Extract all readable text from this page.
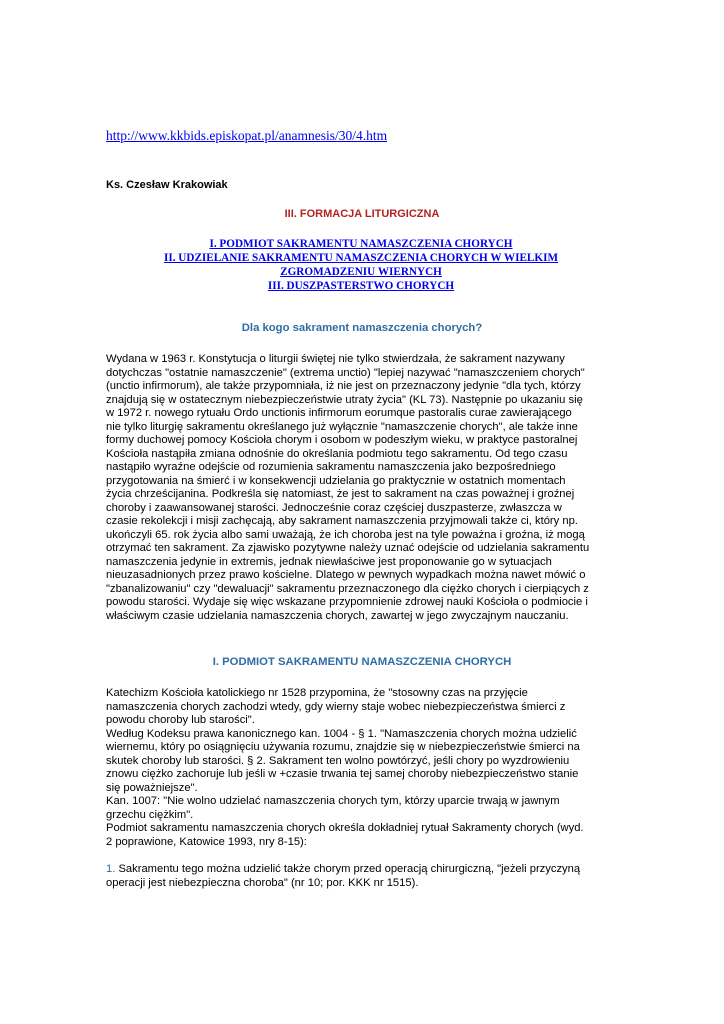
http://www.kkbids.episkopat.pl/anamnesis/30/4.htm
Ks. Czesław Krakowiak
III. FORMACJA LITURGICZNA
I. PODMIOT SAKRAMENTU NAMASZCZENIA CHORYCH
II. UDZIELANIE SAKRAMENTU NAMASZCZENIA CHORYCH W WIELKIM
ZGROMADZENIU WIERNYCH
III. DUSZPASTERSTWO CHORYCH
Dla kogo sakrament namaszczenia chorych?
Wydana w 1963 r. Konstytucja o liturgii świętej nie tylko stwierdzała, że sakrament nazywany
dotychczas "ostatnie namaszczenie" (extrema unctio) "lepiej nazywać "namaszczeniem chorych"
(unctio infirmorum), ale także przypomniała, iż nie jest on przeznaczony jedynie "dla tych, którzy
znajdują się w ostatecznym niebezpieczeństwie utraty życia" (KL 73). Następnie po ukazaniu się
w 1972 r. nowego rytuału Ordo unctionis infirmorum eorumque pastoralis curae zawierającego
nie tylko liturgię sakramentu określanego już wyłącznie "namaszczenie chorych", ale także inne
formy duchowej pomocy Kościoła chorym i osobom w podeszłym wieku, w praktyce pastoralnej
Kościoła nastąpiła zmiana odnośnie do określania podmiotu tego sakramentu. Od tego czasu
nastąpiło wyraźne odejście od rozumienia sakramentu namaszczenia jako bezpośredniego
przygotowania na śmierć i w konsekwencji udzielania go praktycznie w ostatnich momentach
życia chrześcijanina. Podkreśla się natomiast, że jest to sakrament na czas poważnej i groźnej
choroby i zaawansowanej starości. Jednocześnie coraz częściej duszpasterze, zwłaszcza w
czasie rekolekcji i misji zachęcają, aby sakrament namaszczenia przyjmowali także ci, który np.
ukończyli 65. rok życia albo sami uważają, że ich choroba jest na tyle poważna i groźna, iż mogą
otrzymać ten sakrament. Za zjawisko pozytywne należy uznać odejście od udzielania sakramentu
namaszczenia jedynie in extremis, jednak niewłaściwe jest proponowanie go w sytuacjach
nieuzasadnionych przez prawo kościelne. Dlatego w pewnych wypadkach można nawet mówić o
"zbanalizowaniu" czy "dewaluacji" sakramentu przeznaczonego dla ciężko chorych i cierpiących z
powodu starości. Wydaje się więc wskazane przypomnienie zdrowej nauki Kościoła o podmiocie i
właściwym czasie udzielania namaszczenia chorych, zawartej w jego zwyczajnym nauczaniu.
I. PODMIOT SAKRAMENTU NAMASZCZENIA CHORYCH
Katechizm Kościoła katolickiego nr 1528 przypomina, że "stosowny czas na przyjęcie
namaszczenia chorych zachodzi wtedy, gdy wierny staje wobec niebezpieczeństwa śmierci z
powodu choroby lub starości".
Według Kodeksu prawa kanonicznego kan. 1004 - § 1. "Namaszczenia chorych można udzielić
wiernemu, który po osiągnięciu używania rozumu, znajdzie się w niebezpieczeństwie śmierci na
skutek choroby lub starości. § 2. Sakrament ten wolno powtórzyć, jeśli chory po wyzdrowieniu
znowu ciężko zachoruje lub jeśli w +czasie trwania tej samej choroby niebezpieczeństwo stanie
się poważniejsze".
Kan. 1007: "Nie wolno udzielać namaszczenia chorych tym, którzy uparcie trwają w jawnym
grzechu ciężkim".
Podmiot sakramentu namaszczenia chorych określa dokładniej rytuał Sakramenty chorych (wyd.
2 poprawione, Katowice 1993, nry 8-15):
1. Sakramentu tego można udzielić także chorym przed operacją chirurgiczną, "jeżeli przyczyną
operacji jest niebezpieczna choroba" (nr 10; por. KKK nr 1515).
